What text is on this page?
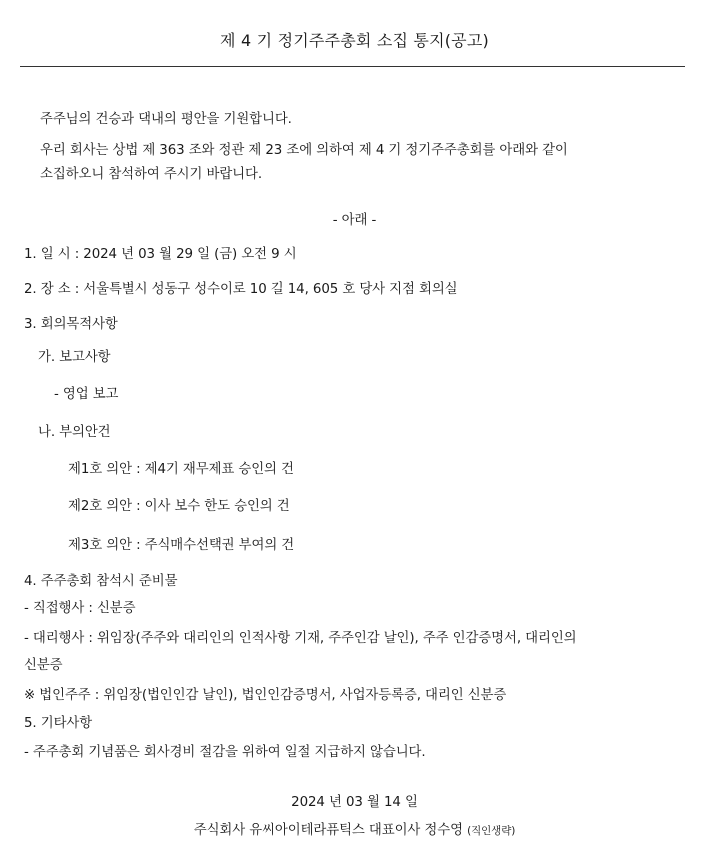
제 4 기 정기주주총회 소집 통지(공고)
주주님의 건승과 댁내의 평안을 기원합니다.
우리 회사는 상법 제 363 조와 정관 제 23 조에 의하여 제 4 기 정기주주총회를 아래와 같이
소집하오니 참석하여 주시기 바랍니다.
- 아래 -
1. 일 시 : 2024 년 03 월 29 일 (금) 오전 9 시
2. 장 소 : 서울특별시 성동구 성수이로 10 길 14, 605 호 당사 지점 회의실
3. 회의목적사항
가. 보고사항
- 영업 보고
나. 부의안건
제1호 의안 : 제4기 재무제표 승인의 건
제2호 의안 : 이사 보수 한도 승인의 건
제3호 의안 : 주식매수선택권 부여의 건
4. 주주총회 참석시 준비물
- 직접행사 : 신분증
- 대리행사 : 위임장(주주와 대리인의 인적사항 기재, 주주인감 날인), 주주 인감증명서, 대리인의
신분증
※ 법인주주 : 위임장(법인인감 날인), 법인인감증명서, 사업자등록증, 대리인 신분증
5. 기타사항
- 주주총회 기념품은 회사경비 절감을 위하여 일절 지급하지 않습니다.
2024 년 03 월 14 일
주식회사 유씨아이테라퓨틱스 대표이사 정수영 (직인생략)
